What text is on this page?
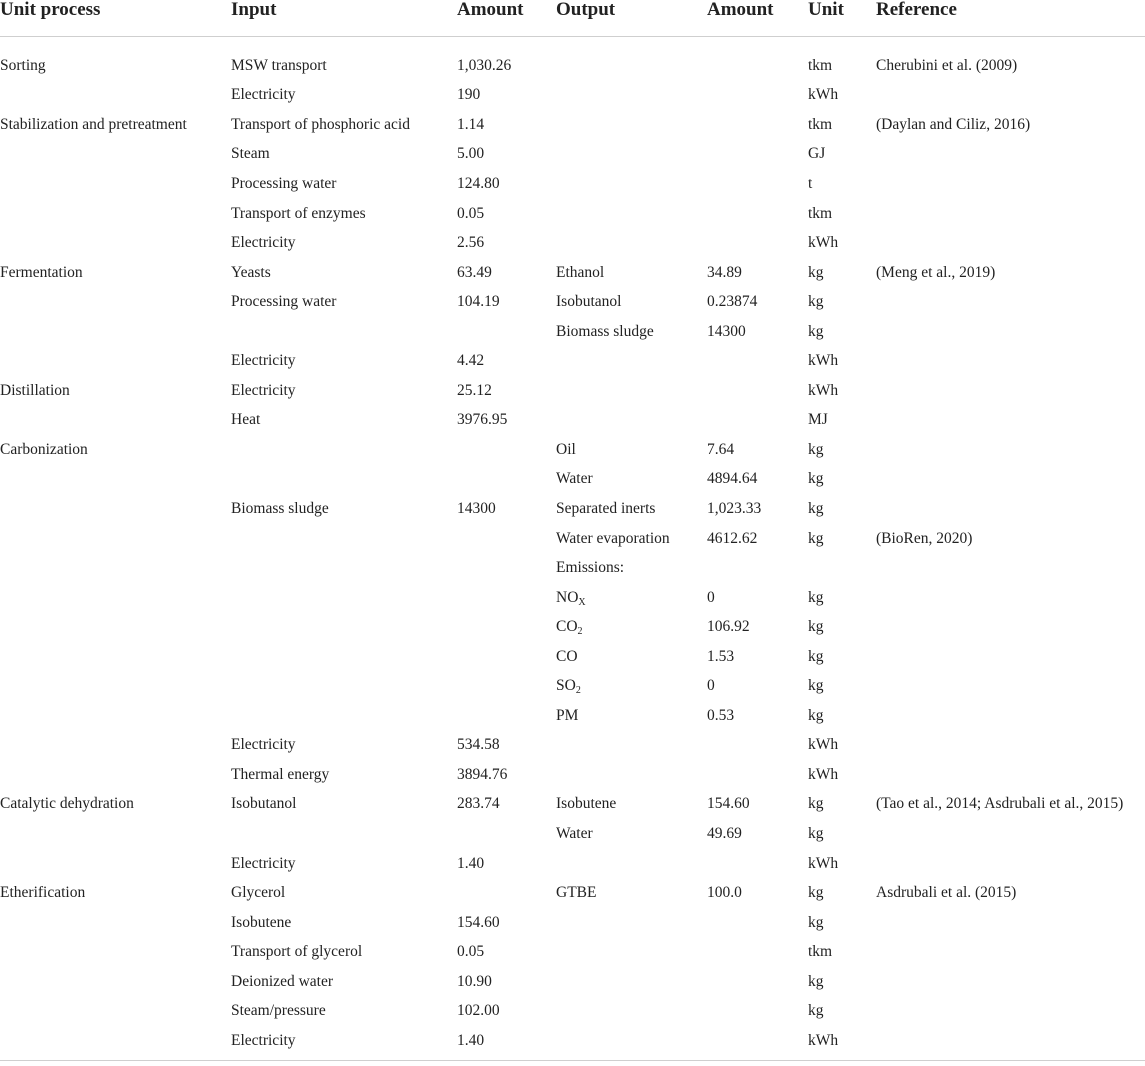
Unit process	Input	Amount	Output	Amount	Unit	Reference
Sorting	MSW transport	1,030.26			tkm	Cherubini et al. (2009)
	Electricity	190			kWh	
Stabilization and pretreatment	Transport of phosphoric acid	1.14			tkm	(Daylan and Ciliz, 2016)
	Steam	5.00			GJ	
	Processing water	124.80			t	
	Transport of enzymes	0.05			tkm	
	Electricity	2.56			kWh	
Fermentation	Yeasts	63.49	Ethanol	34.89	kg	(Meng et al., 2019)
	Processing water	104.19	Isobutanol	0.23874	kg	
			Biomass sludge	14300	kg	
	Electricity	4.42			kWh	
Distillation	Electricity	25.12			kWh	
	Heat	3976.95			MJ	
Carbonization			Oil	7.64	kg	
			Water	4894.64	kg	
	Biomass sludge	14300	Separated inerts	1,023.33	kg	
			Water evaporation	4612.62	kg	(BioRen, 2020)
			Emissions:			
			$NO_X$	0	kg	
			$CO_2$	106.92	kg	
			CO	1.53	kg	
			$SO_2$	0	kg	
			PM	0.53	kg	
	Electricity	534.58			kWh	
	Thermal energy	3894.76			kWh	
Catalytic dehydration	Isobutanol	283.74	Isobutene	154.60	kg	(Tao et al., 2014; Asdrubali et al., 2015)
			Water	49.69	kg	
	Electricity	1.40			kWh	
Etherification	Glycerol		GTBE	100.0	kg	Asdrubali et al. (2015)
	Isobutene	154.60			kg	
	Transport of glycerol	0.05			tkm	
	Deionized water	10.90			kg	
	Steam/pressure	102.00			kg	
	Electricity	1.40			kWh	
